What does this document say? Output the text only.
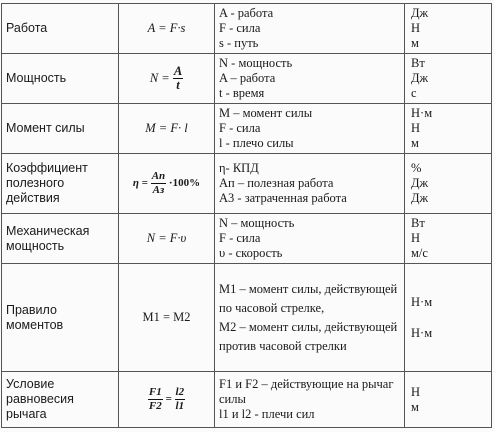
Работа	A = F·s	A - работа
F - сила
s - путь	Дж
Н
м

Мощность	$N = \frac{A}{t}$	N - мощность
A – работа
t - время	Вт
Дж
с

Момент силы	M = F· l	M – момент силы
F - сила
l - плечо силы	Н·м
Н
м

Коэффициент полезного действия	$\eta = \frac{Aп}{Аз} \cdot 100\%$	η- КПД
Aп – полезная работа
A3 - затраченная работа	%
Дж
Дж

Механическая мощность	N = F·υ	N – мощность
F - сила
υ - скорость	Вт
Н
м/с

Правило моментов	M1 = M2	M1 – момент силы, действующей по часовой стрелке,
M2 – момент силы, действующей против часовой стрелки	Н·м
Н·м

Условие равновесия рычага	$\frac{F1}{F2} = \frac{l2}{l1}$	F1 и F2 – действующие на рычаг силы
l1 и l2 - плечи сил	Н
м
